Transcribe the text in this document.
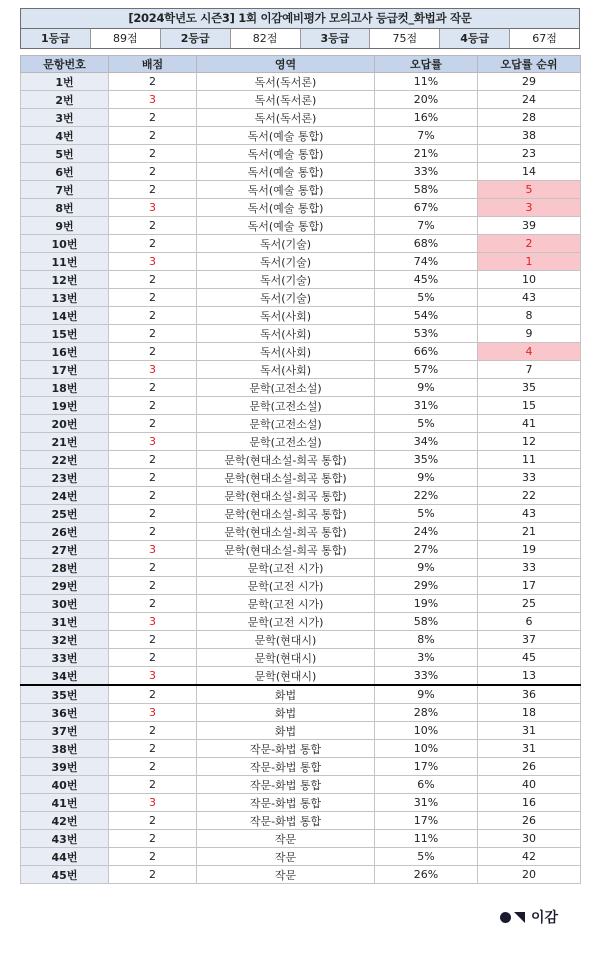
[2024학년도 시즌3] 1회 이감예비평가 모의고사 등급컷_화법과 작문
1등급	89점	2등급	82점	3등급	75점	4등급	67점
문항번호	배점	영역	오답률	오답률 순위
1번	2	독서(독서론)	11%	29
2번	3	독서(독서론)	20%	24
3번	2	독서(독서론)	16%	28
4번	2	독서(예술 통합)	7%	38
5번	2	독서(예술 통합)	21%	23
6번	2	독서(예술 통합)	33%	14
7번	2	독서(예술 통합)	58%	5
8번	3	독서(예술 통합)	67%	3
9번	2	독서(예술 통합)	7%	39
10번	2	독서(기술)	68%	2
11번	3	독서(기술)	74%	1
12번	2	독서(기술)	45%	10
13번	2	독서(기술)	5%	43
14번	2	독서(사회)	54%	8
15번	2	독서(사회)	53%	9
16번	2	독서(사회)	66%	4
17번	3	독서(사회)	57%	7
18번	2	문학(고전소설)	9%	35
19번	2	문학(고전소설)	31%	15
20번	2	문학(고전소설)	5%	41
21번	3	문학(고전소설)	34%	12
22번	2	문학(현대소설-희곡 통합)	35%	11
23번	2	문학(현대소설-희곡 통합)	9%	33
24번	2	문학(현대소설-희곡 통합)	22%	22
25번	2	문학(현대소설-희곡 통합)	5%	43
26번	2	문학(현대소설-희곡 통합)	24%	21
27번	3	문학(현대소설-희곡 통합)	27%	19
28번	2	문학(고전 시가)	9%	33
29번	2	문학(고전 시가)	29%	17
30번	2	문학(고전 시가)	19%	25
31번	3	문학(고전 시가)	58%	6
32번	2	문학(현대시)	8%	37
33번	2	문학(현대시)	3%	45
34번	3	문학(현대시)	33%	13
35번	2	화법	9%	36
36번	3	화법	28%	18
37번	2	화법	10%	31
38번	2	작문-화법 통합	10%	31
39번	2	작문-화법 통합	17%	26
40번	2	작문-화법 통합	6%	40
41번	3	작문-화법 통합	31%	16
42번	2	작문-화법 통합	17%	26
43번	2	작문	11%	30
44번	2	작문	5%	42
45번	2	작문	26%	20
이감
